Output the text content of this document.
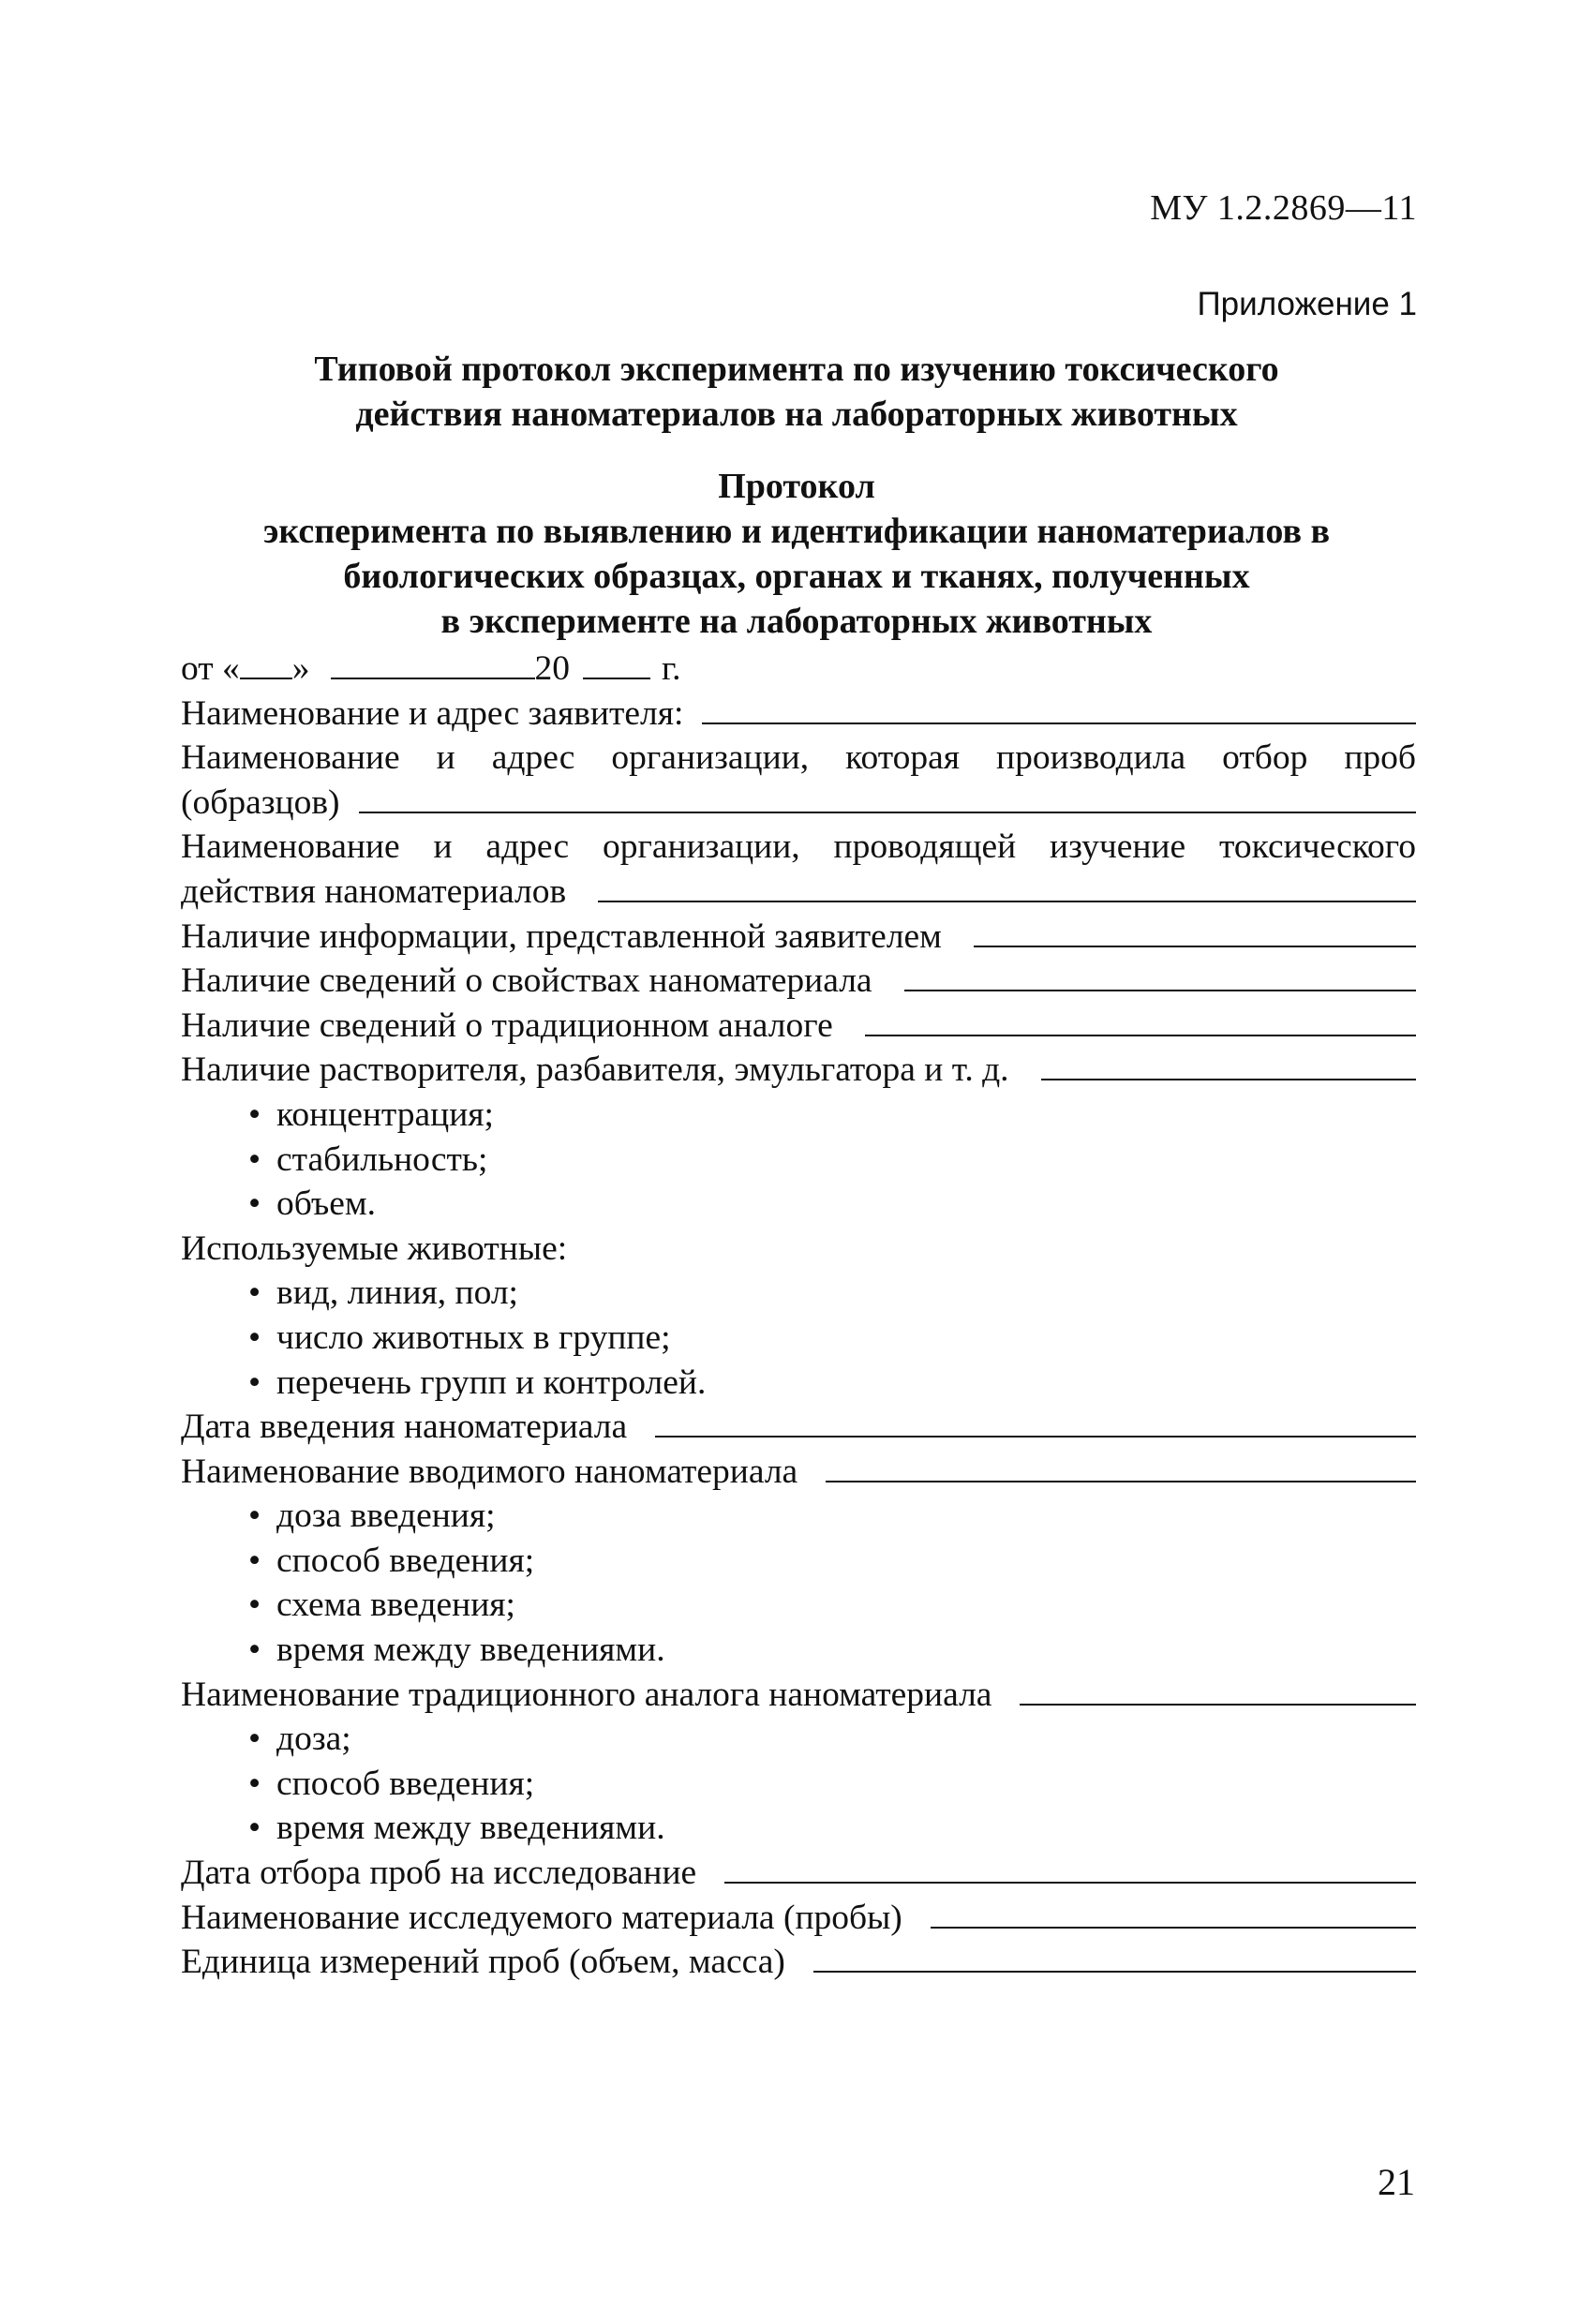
МУ 1.2.2869—11
Приложение 1
Типовой протокол эксперимента по изучению токсического
действия наноматериалов на лабораторных животных
Протокол
эксперимента по выявлению и идентификации наноматериалов в
биологических образцах, органах и тканях, полученных
в эксперименте на лабораторных животных
от « »	20	г.
Наименование и адрес заявителя:
Наименование и адрес организации, которая производила отбор проб
(образцов)
Наименование и адрес организации, проводящей изучение токсического
действия наноматериалов
Наличие информации, представленной заявителем
Наличие сведений о свойствах наноматериала
Наличие сведений о традиционном аналоге
Наличие растворителя, разбавителя, эмульгатора и т. д.
• концентрация;
• стабильность;
• объем.
Используемые животные:
• вид, линия, пол;
• число животных в группе;
• перечень групп и контролей.
Дата введения наноматериала
Наименование вводимого наноматериала
• доза введения;
• способ введения;
• схема введения;
• время между введениями.
Наименование традиционного аналога наноматериала
• доза;
• способ введения;
• время между введениями.
Дата отбора проб на исследование
Наименование исследуемого материала (пробы)
Единица измерений проб (объем, масса)
21
